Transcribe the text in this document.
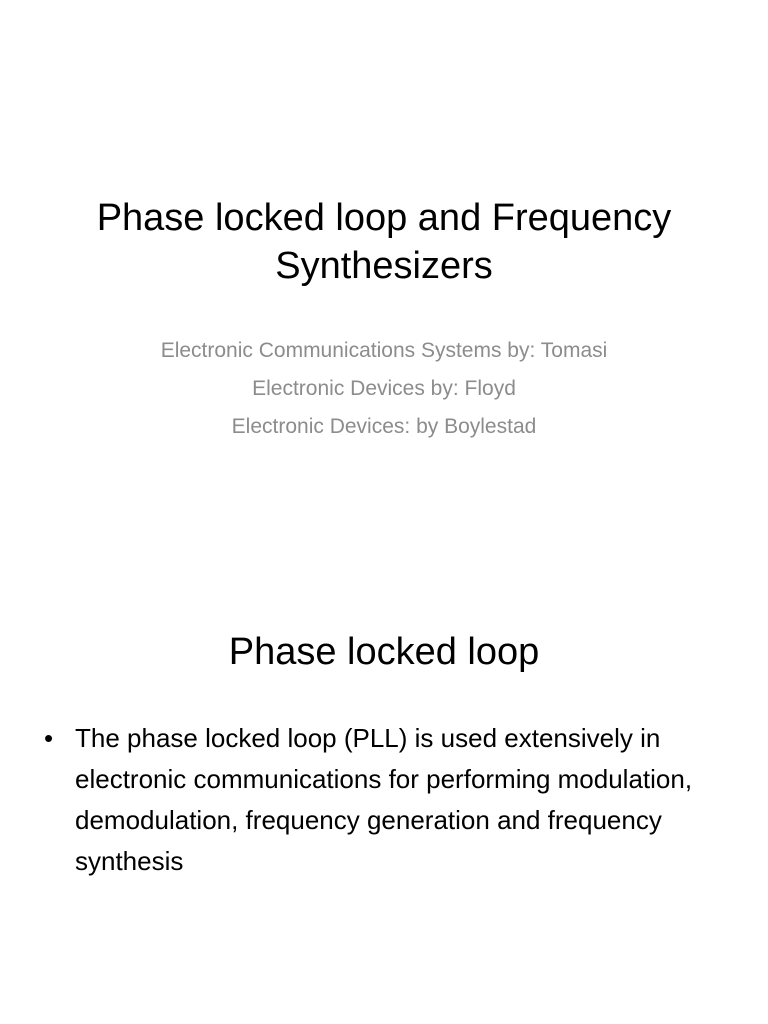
Phase locked loop and Frequency Synthesizers
Electronic Communications Systems by: Tomasi
Electronic Devices by: Floyd
Electronic Devices: by Boylestad
Phase locked loop
• The phase locked loop (PLL) is used extensively in electronic communications for performing modulation, demodulation, frequency generation and frequency synthesis
